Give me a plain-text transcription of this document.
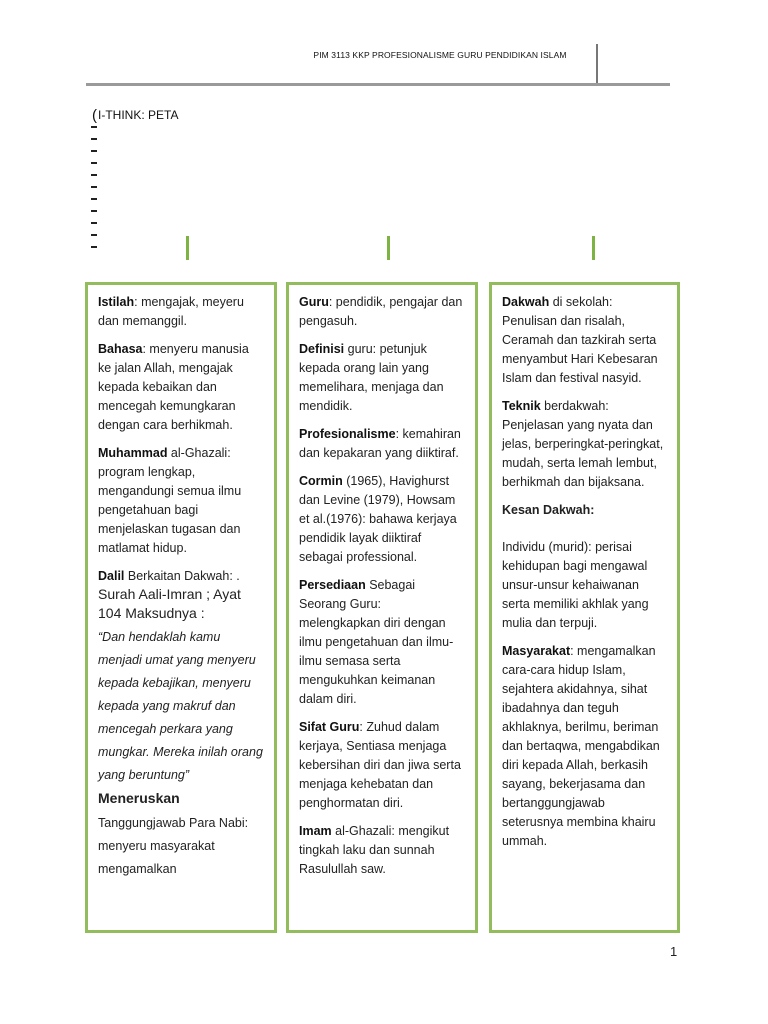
PIM 3113 KKP PROFESIONALISME GURU PENDIDIKAN ISLAM
(I-THINK: PETA

Istilah: mengajak, meyeru dan memanggil.

Bahasa: menyeru manusia ke jalan Allah, mengajak kepada kebaikan dan mencegah kemungkaran dengan cara berhikmah.

Muhammad al-Ghazali: program lengkap, mengandungi semua ilmu pengetahuan bagi menjelaskan tugasan dan matlamat hidup.

Dalil Berkaitan Dakwah: .
Surah Aali-Imran ; Ayat 104 Maksudnya :

“Dan hendaklah kamu menjadi umat yang menyeru kepada kebajikan, menyeru kepada yang makruf dan mencegah perkara yang mungkar. Mereka inilah orang yang beruntung”

Meneruskan

Tanggungjawab Para Nabi: menyeru masyarakat mengamalkan

Guru: pendidik, pengajar dan pengasuh.

Definisi guru: petunjuk kepada orang lain yang memelihara, menjaga dan mendidik.

Profesionalisme: kemahiran dan kepakaran yang diiktiraf.

Cormin (1965), Havighurst dan Levine (1979), Howsam et al.(1976): bahawa kerjaya pendidik layak diiktiraf sebagai professional.

Persediaan Sebagai Seorang Guru: melengkapkan diri dengan ilmu pengetahuan dan ilmu-ilmu semasa serta mengukuhkan keimanan dalam diri.

Sifat Guru: Zuhud dalam kerjaya, Sentiasa menjaga kebersihan diri dan jiwa serta menjaga kehebatan dan penghormatan diri.

Imam al-Ghazali: mengikut tingkah laku dan sunnah Rasulullah saw.

Dakwah di sekolah: Penulisan dan risalah, Ceramah dan tazkirah serta menyambut Hari Kebesaran Islam dan festival nasyid.

Teknik berdakwah: Penjelasan yang nyata dan jelas, berperingkat-peringkat, mudah, serta lemah lembut, berhikmah dan bijaksana.

Kesan Dakwah:

Individu (murid): perisai kehidupan bagi mengawal unsur-unsur kehaiwanan serta memiliki akhlak yang mulia dan terpuji.

Masyarakat: mengamalkan cara-cara hidup Islam, sejahtera akidahnya, sihat ibadahnya dan teguh akhlaknya, berilmu, beriman dan bertaqwa, mengabdikan diri kepada Allah, berkasih sayang, bekerjasama dan bertanggungjawab seterusnya membina khairu ummah.

1
